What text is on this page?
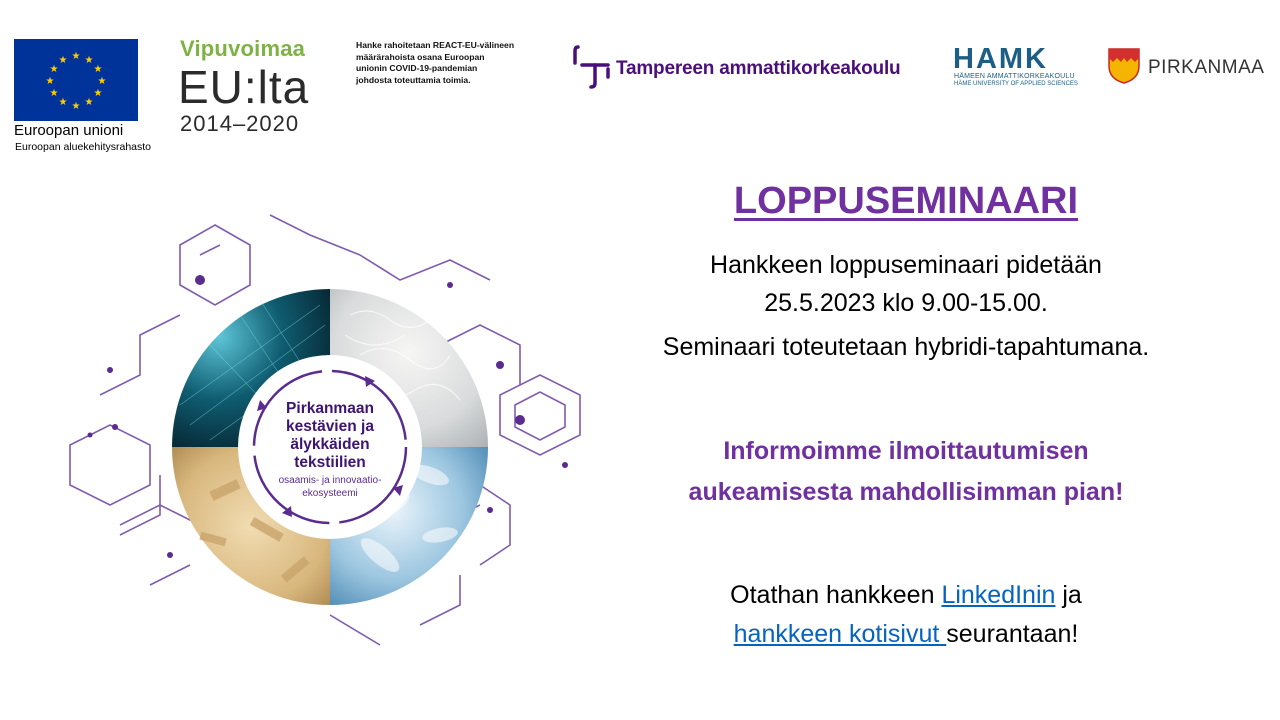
★ ★
★
★
★
★
★
★
★
★
★
★
Euroopan unioni
Euroopan aluekehitysrahasto
Vipuvoimaa
EU:lta
2014–2020
Hanke rahoitetaan REACT-EU-välineen
määrärahoista osana Euroopan
unionin COVID-19-pandemian
johdosta toteuttamia toimia.
Tampereen ammattikorkeakoulu HAMK
HÄMEEN AMMATTIKORKEAKOULU
HÄME UNIVERSITY OF APPLIED SCIENCES
PIRKANMAA
Pirkanmaan
kestävien ja
älykkäiden
tekstiilien
osaamis- ja innovaatio-
ekosysteemi
LOPPUSEMINAARI
Hankkeen loppuseminaari pidetään
25.5.2023 klo 9.00-15.00.
Seminaari toteutetaan hybridi-tapahtumana.
Informoimme ilmoittautumisen
aukeamisesta mahdollisimman pian!
Otathan hankkeen LinkedInin ja
hankkeen kotisivut seurantaan!
